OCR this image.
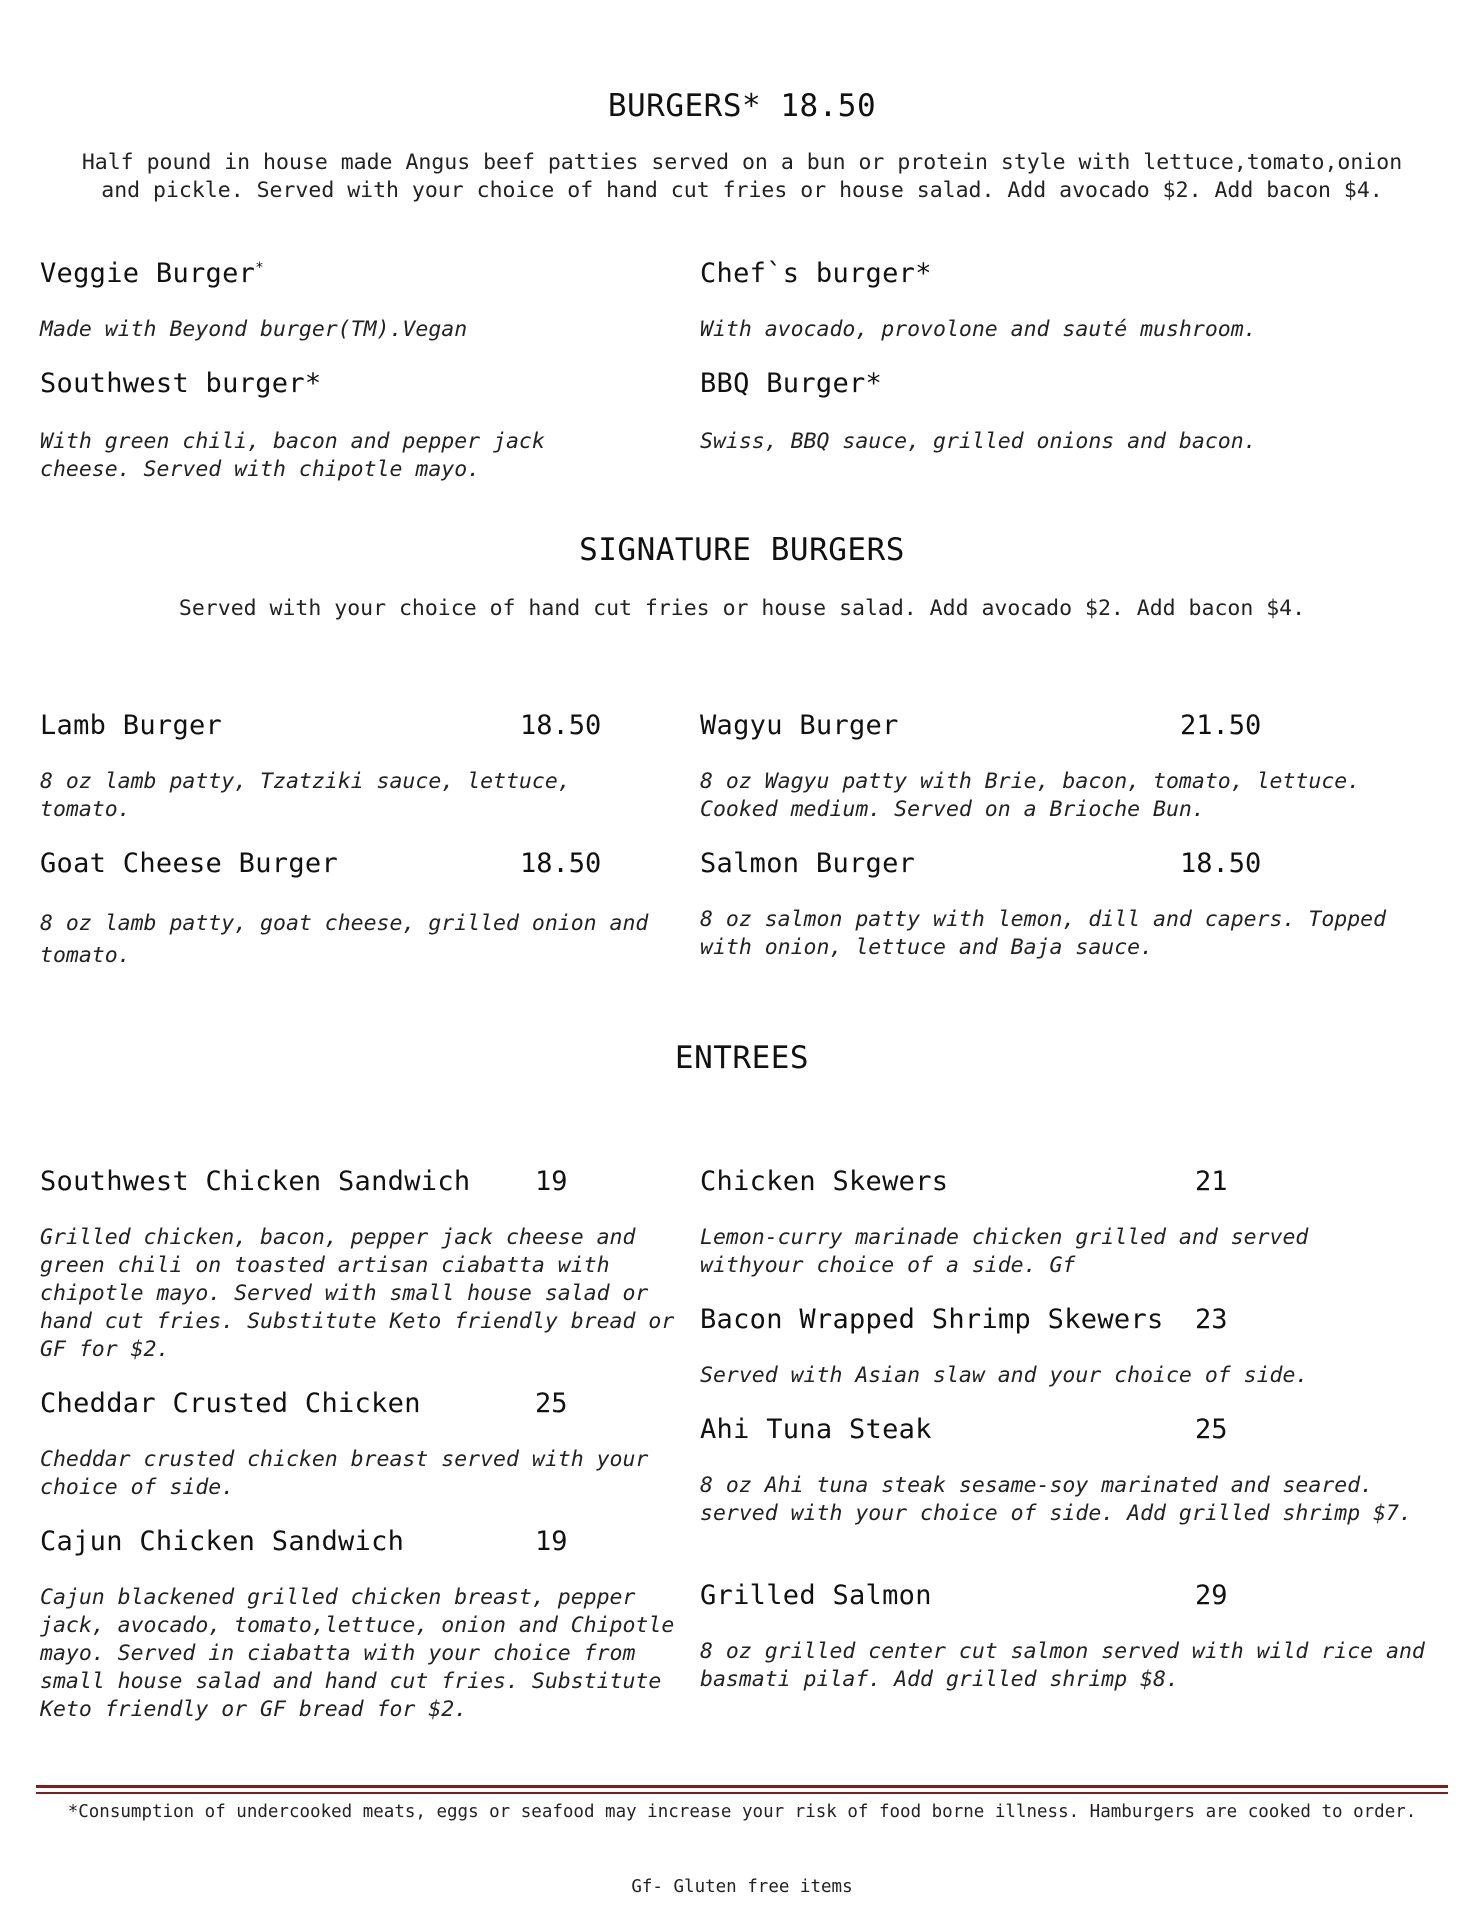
BURGERS* 18.50
Half pound in house made Angus beef patties served on a bun or protein style with lettuce,tomato,onion and pickle. Served with your choice of hand cut fries or house salad. Add avocado $2. Add bacon $4.
Veggie Burger*
Made with Beyond burger(TM).Vegan
Chef`s burger*
With avocado, provolone and sauté mushroom.
Southwest burger*
With green chili, bacon and pepper jack cheese. Served with chipotle mayo.
BBQ Burger*
Swiss, BBQ sauce, grilled onions and bacon.
SIGNATURE BURGERS
Served with your choice of hand cut fries or house salad. Add avocado $2. Add bacon $4.
Lamb Burger	18.50
8 oz lamb patty, Tzatziki sauce, lettuce, tomato.
Wagyu Burger	21.50
8 oz Wagyu patty with Brie, bacon, tomato, lettuce. Cooked medium. Served on a Brioche Bun.
Goat Cheese Burger	18.50
8 oz lamb patty, goat cheese, grilled onion and tomato.
Salmon Burger	18.50
8 oz salmon patty with lemon, dill and capers. Topped with onion, lettuce and Baja sauce.
ENTREES
Southwest Chicken Sandwich 19
Grilled chicken, bacon, pepper jack cheese and green chili on toasted artisan ciabatta with chipotle mayo. Served with small house salad or hand cut fries. Substitute Keto friendly bread or GF for $2.
Cheddar Crusted Chicken	25
Cheddar crusted chicken breast served with your choice of side.
Cajun Chicken Sandwich	19
Cajun blackened grilled chicken breast, pepper jack, avocado, tomato,lettuce, onion and Chipotle mayo. Served in ciabatta with your choice from small house salad and hand cut fries. Substitute Keto friendly or GF bread for $2.
Chicken Skewers	21
Lemon-curry marinade chicken grilled and served withyour choice of a side. Gf
Bacon Wrapped Shrimp Skewers 23
Served with Asian slaw and your choice of side.
Ahi Tuna Steak	25
8 oz Ahi tuna steak sesame-soy marinated and seared. served with your choice of side. Add grilled shrimp $7.
Grilled Salmon	29
8 oz grilled center cut salmon served with wild rice and basmati pilaf. Add grilled shrimp $8.
*Consumption of undercooked meats, eggs or seafood may increase your risk of food borne illness. Hamburgers are cooked to order.
Gf- Gluten free items
